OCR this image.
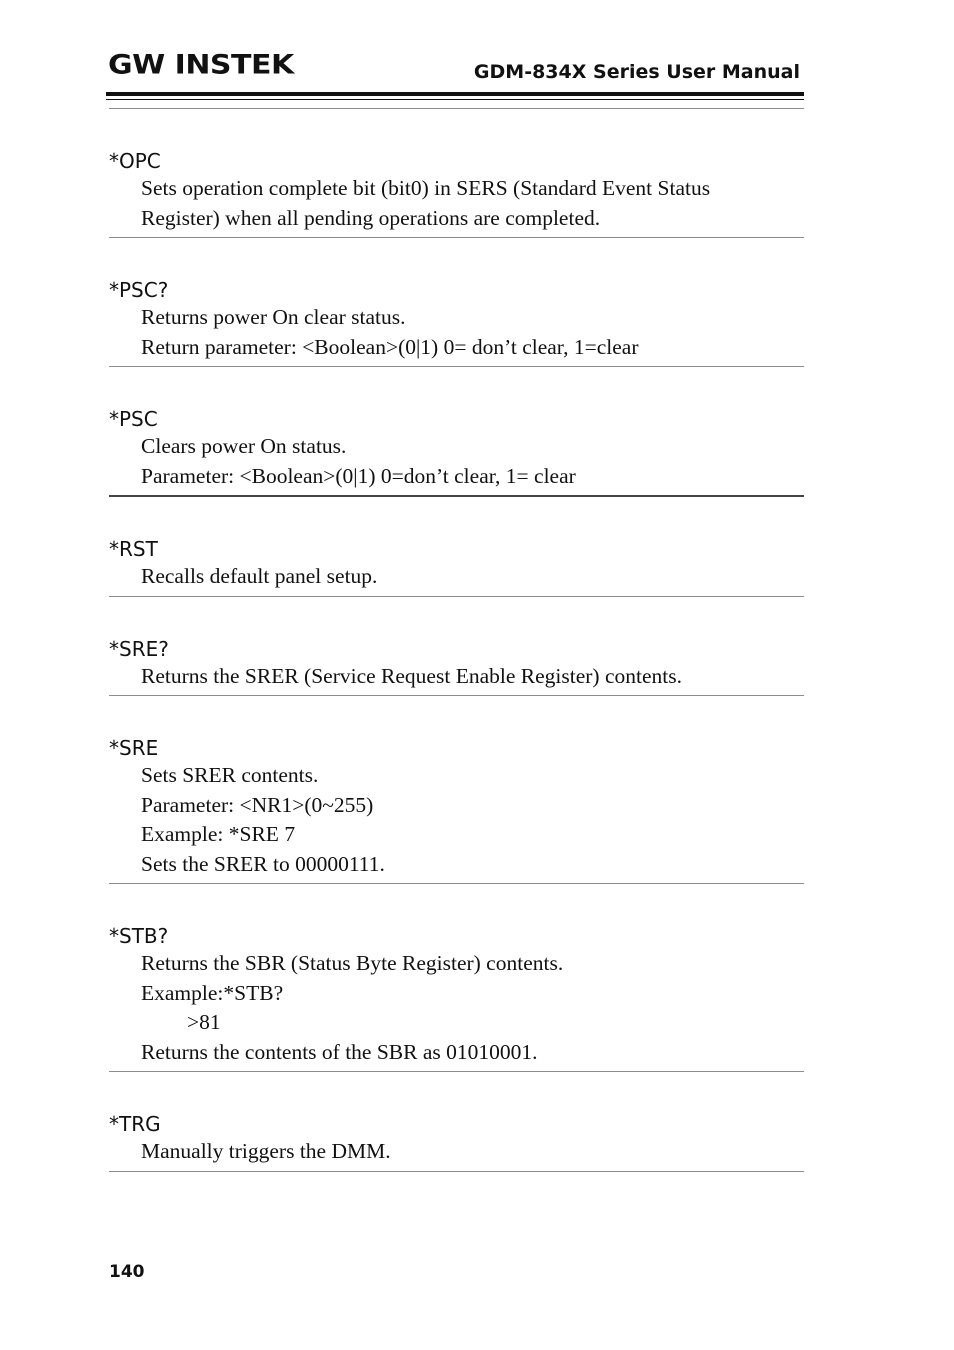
GW INSTEK	GDM-834X Series User Manual

*OPC

Sets operation complete bit (bit0) in SERS (Standard Event Status
Register) when all pending operations are completed.

*PSC?

Returns power On clear status.
Return parameter: <Boolean>(0|1) 0= don’t clear, 1=clear

*PSC

Clears power On status.
Parameter: <Boolean>(0|1) 0=don’t clear, 1= clear

*RST

Recalls default panel setup.

*SRE?

Returns the SRER (Service Request Enable Register) contents.

*SRE

Sets SRER contents.
Parameter: <NR1>(0~255)
Example: *SRE 7
Sets the SRER to 00000111.

*STB?

Returns the SBR (Status Byte Register) contents.
Example:*STB?
>81
Returns the contents of the SBR as 01010001.

*TRG

Manually triggers the DMM.

140
